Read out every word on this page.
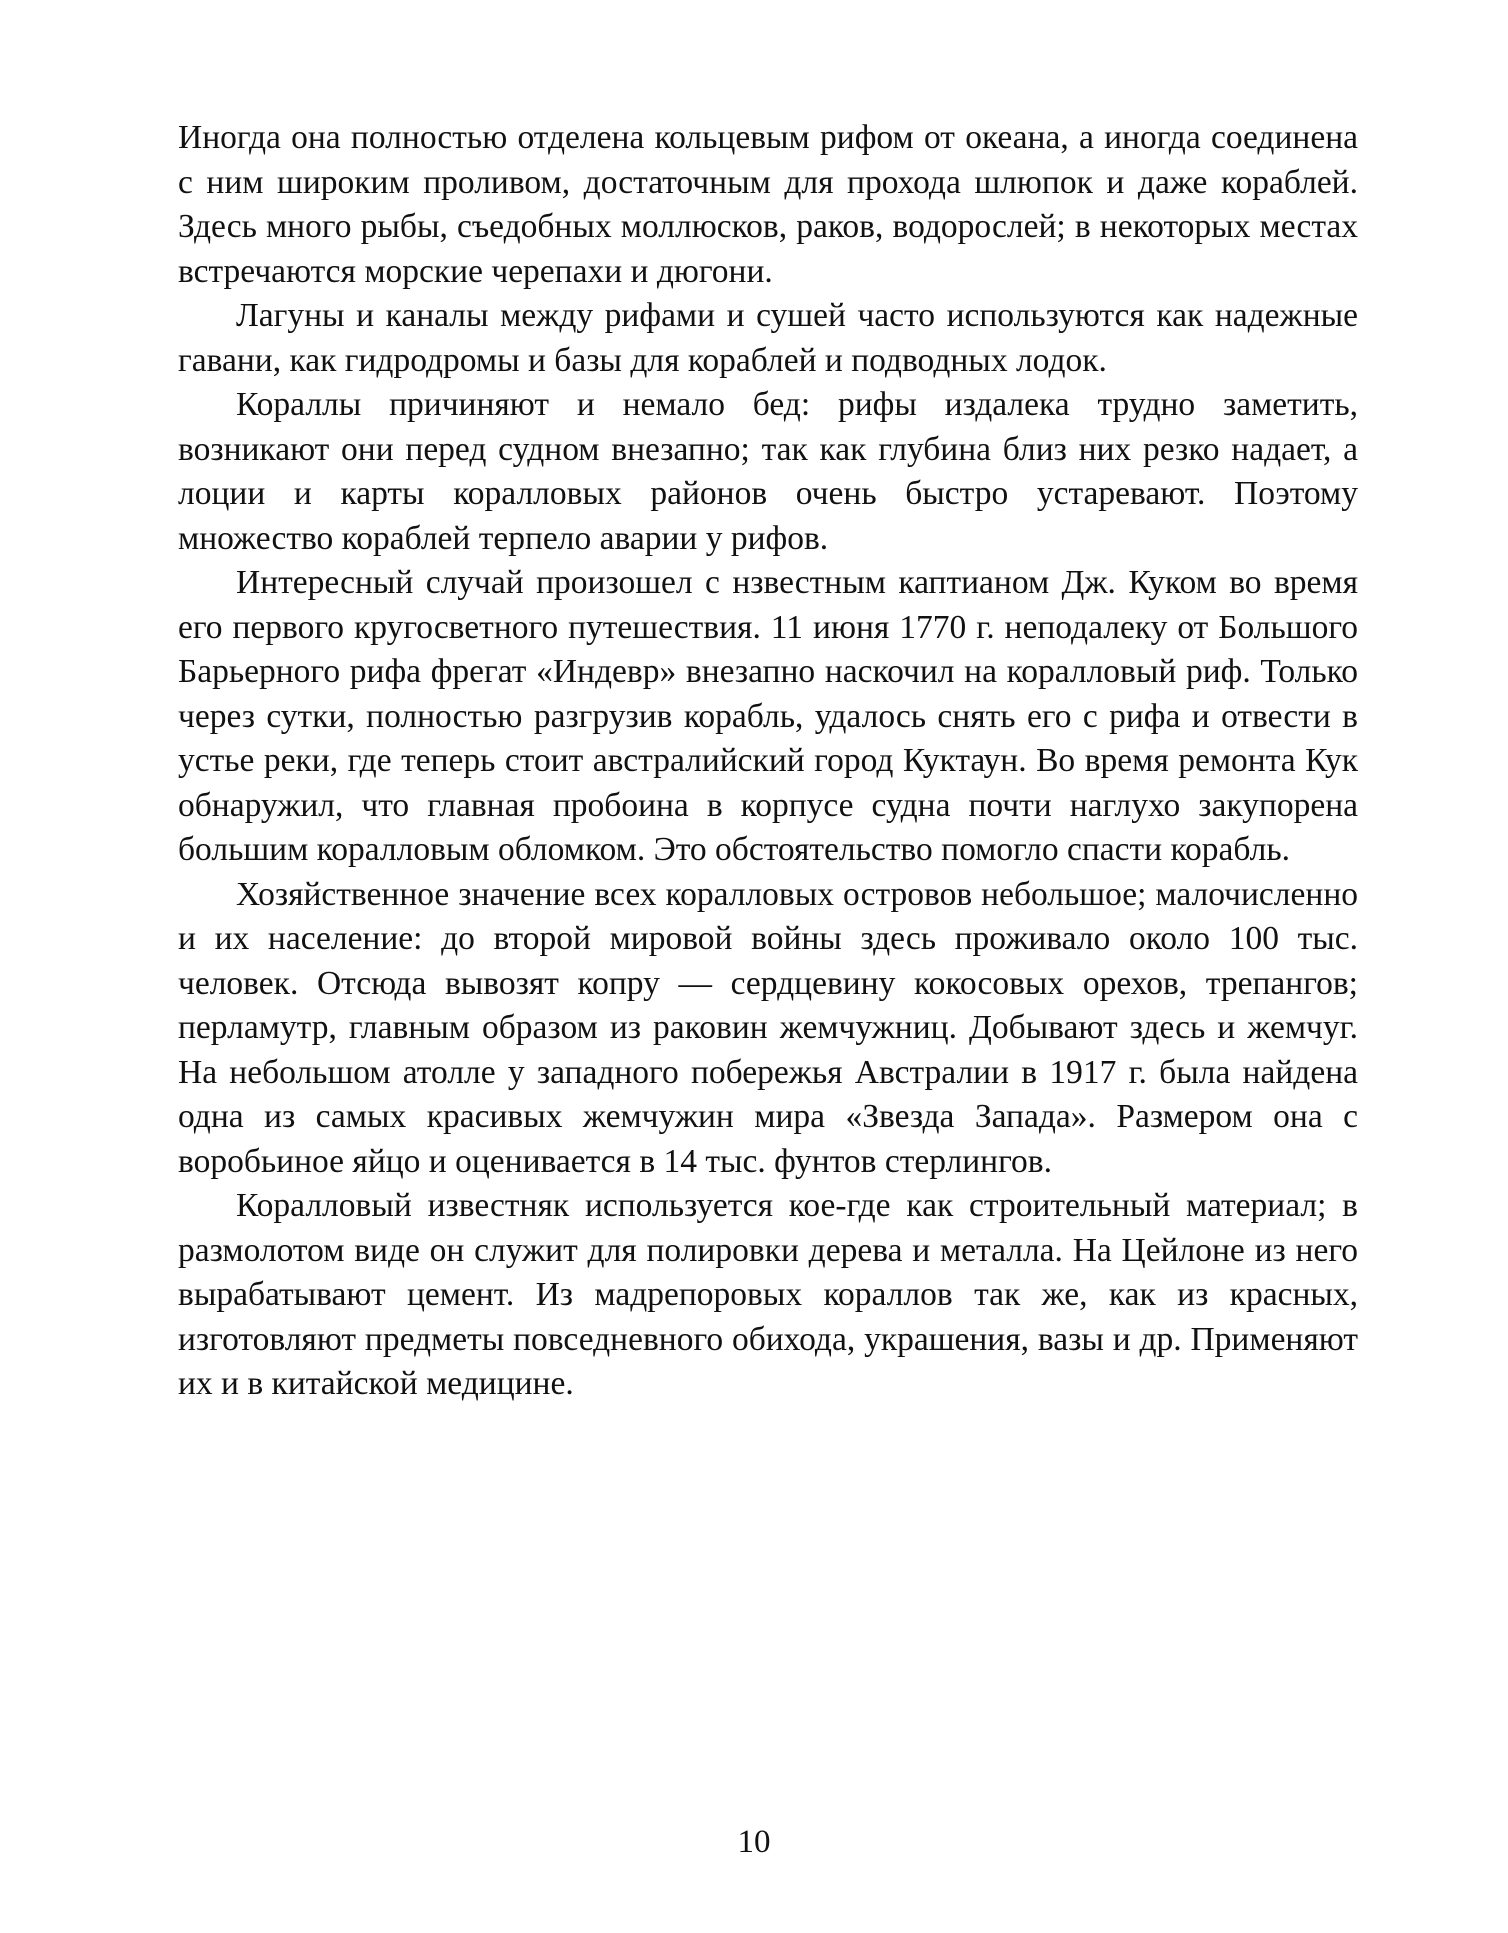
Иногда она полностью отделена кольцевым рифом от океана, а иногда соединена с ним широким проливом, достаточным для прохода шлюпок и даже кораблей. Здесь много рыбы, съедобных моллюсков, раков, водорослей; в некоторых местах встречаются морские черепахи и дюгони.

Лагуны и каналы между рифами и сушей часто используются как надежные гавани, как гидродромы и базы для кораблей и подводных лодок.

Кораллы причиняют и немало бед: рифы издалека трудно заметить, возникают они перед судном внезапно; так как глубина близ них резко надает, а лоции и карты коралловых районов очень быстро устаревают. Поэтому множество кораблей терпело аварии у рифов.

Интересный случай произошел с нзвестным каптианом Дж. Куком во время его первого кругосветного путешествия. 11 июня 1770 г. неподалеку от Большого Барьерного рифа фрегат «Индевр» внезапно наскочил на коралловый риф. Только через сутки, полностью разгрузив корабль, удалось снять его с рифа и отвести в устье реки, где теперь стоит австралийский город Куктаун. Во время ремонта Кук обнаружил, что главная пробоина в корпусе судна почти наглухо закупорена большим коралловым обломком. Это обстоятельство помогло спасти корабль.

Хозяйственное значение всех коралловых островов небольшое; малочисленно и их население: до второй мировой войны здесь проживало около 100 тыс. человек. Отсюда вывозят копру — сердцевину кокосовых орехов, трепангов; перламутр, главным образом из раковин жемчужниц. Добывают здесь и жемчуг. На небольшом атолле у западного побережья Австралии в 1917 г. была найдена одна из самых красивых жемчужин мира «Звезда Запада». Размером она с воробьиное яйцо и оценивается в 14 тыс. фунтов стерлингов.

Коралловый известняк используется кое-где как строительный материал; в размолотом виде он служит для полировки дерева и металла. На Цейлоне из него вырабатывают цемент. Из мадрепоровых кораллов так же, как из красных, изготовляют предметы повседневного обихода, украшения, вазы и др. Применяют их и в китайской медицине.

10
